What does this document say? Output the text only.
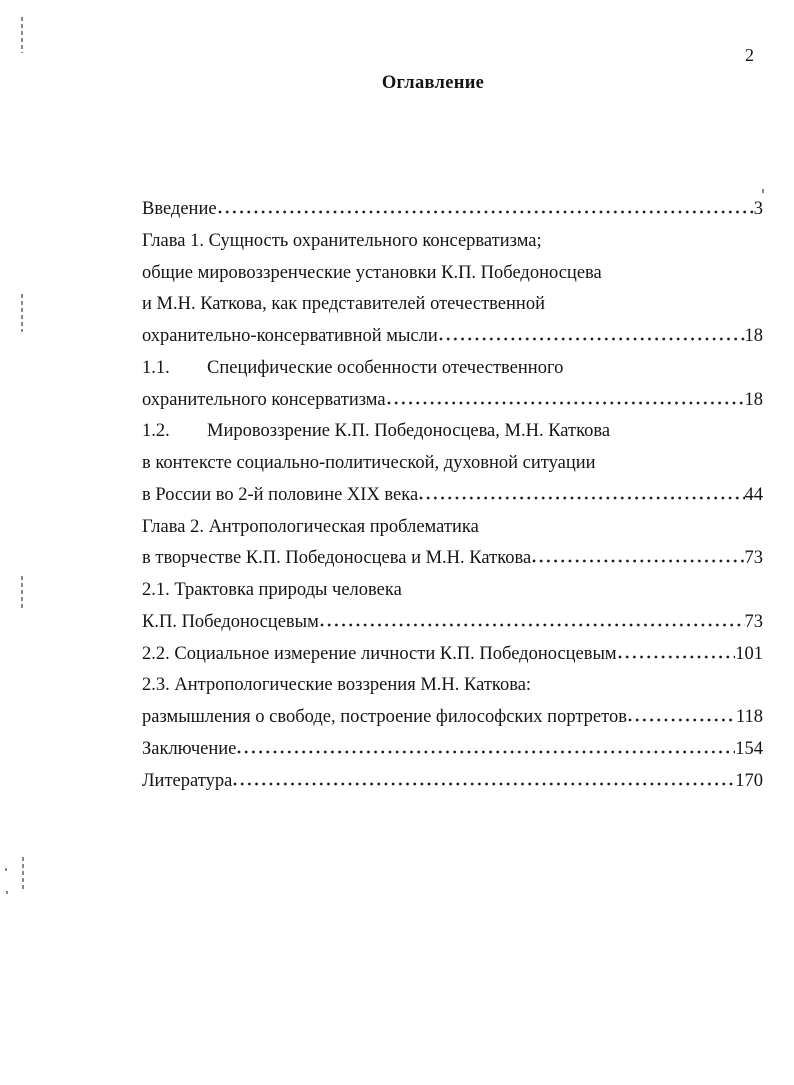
2
Оглавление
Введение	3
Глава 1. Сущность охранительного консерватизма;
общие мировоззренческие установки К.П. Победоносцева
и М.Н. Каткова, как представителей отечественной
охранительно-консервативной мысли	18
1.1.	Специфические особенности отечественного
охранительного консерватизма	18
1.2.	Мировоззрение К.П. Победоносцева, М.Н. Каткова
в контексте социально-политической, духовной ситуации
в России во 2-й половине XIX века	44
Глава 2. Антропологическая проблематика
в творчестве К.П. Победоносцева и М.Н. Каткова	73
2.1. Трактовка природы человека
К.П. Победоносцевым	73
2.2. Социальное измерение личности К.П. Победоносцевым	101
2.3. Антропологические воззрения М.Н. Каткова:
размышления о свободе, построение философских портретов	118
Заключение	154
Литература	170
